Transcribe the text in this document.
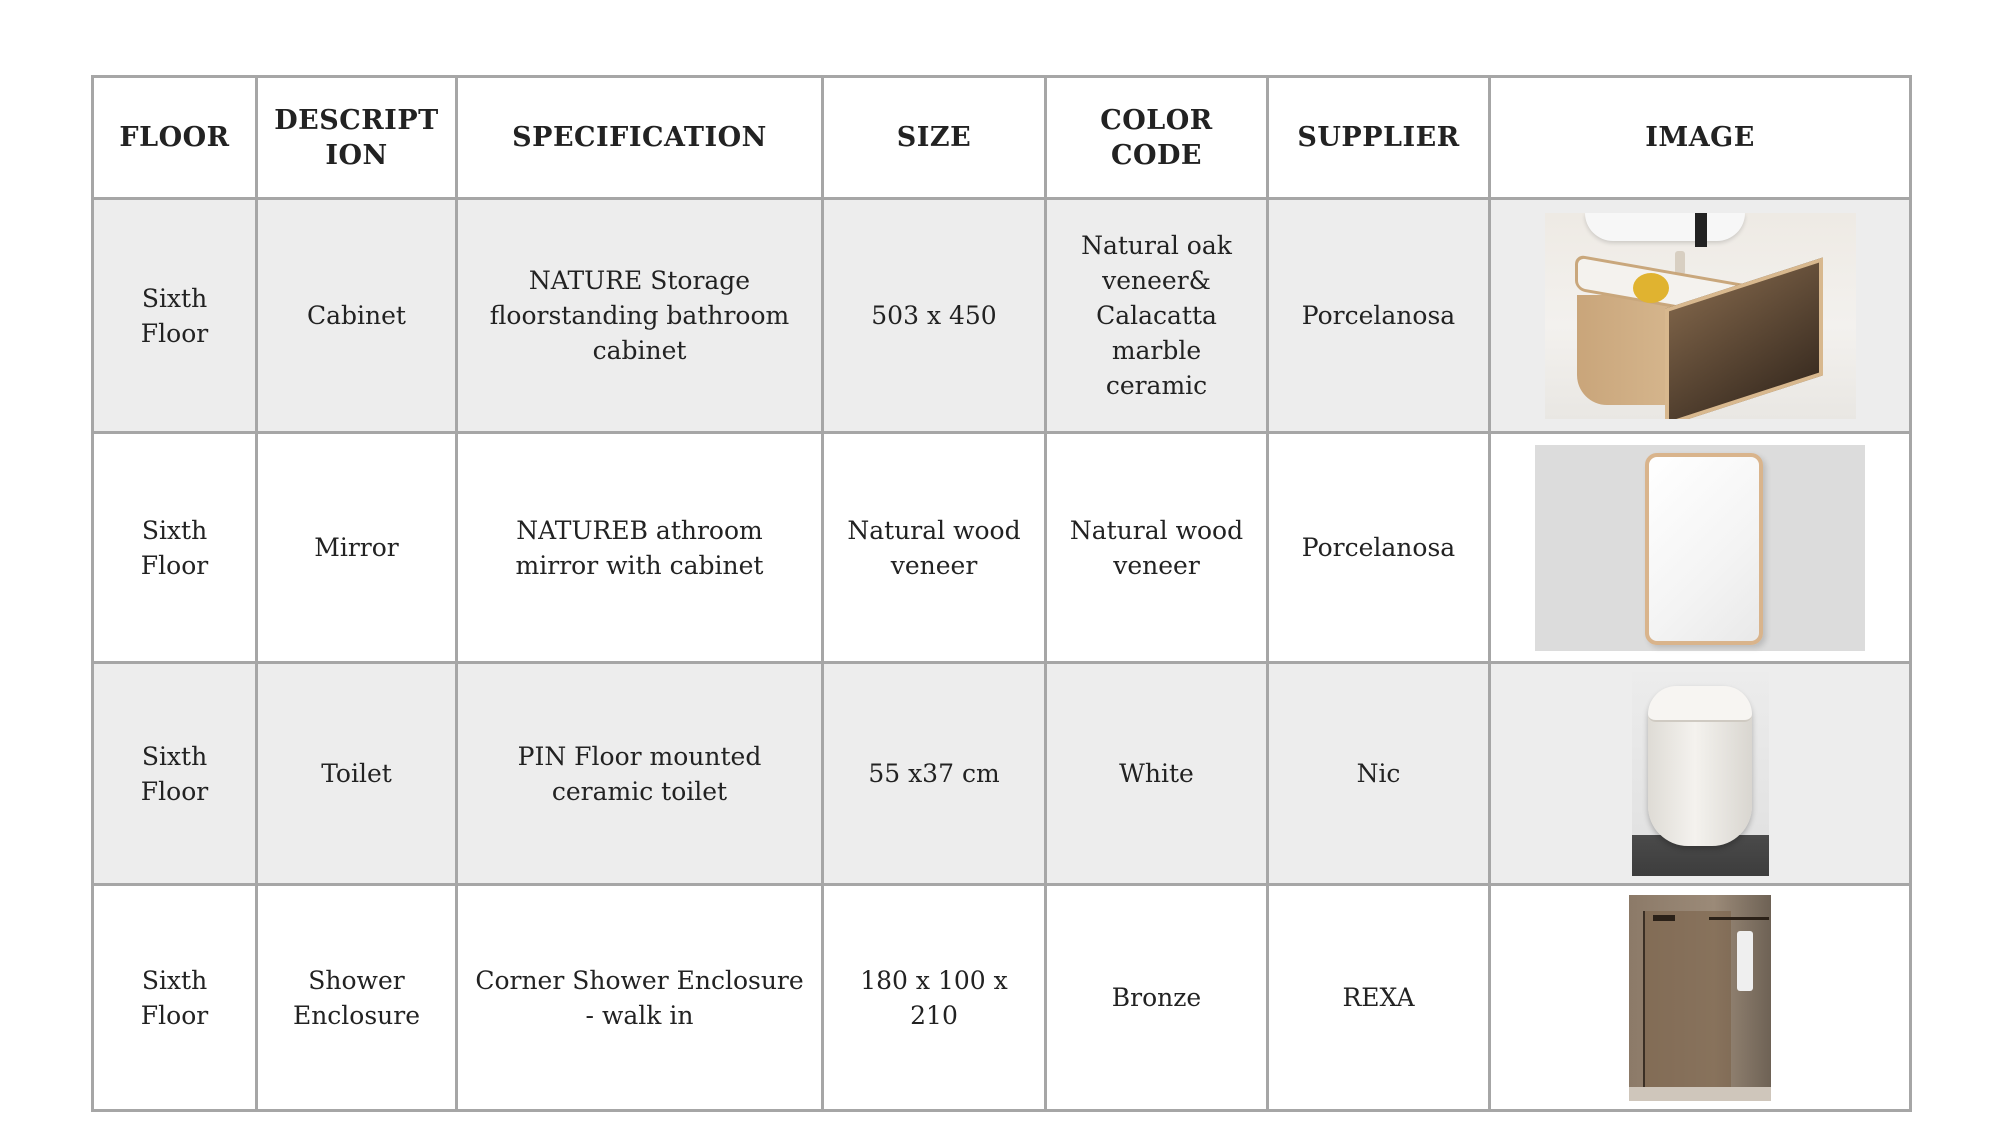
FLOOR	DESCRIPTION	SPECIFICATION	SIZE	COLOR CODE	SUPPLIER	IMAGE
Sixth Floor	Cabinet	NATURE Storage floorstanding bathroom cabinet	503 x 450	Natural oak veneer& Calacatta marble ceramic	Porcelanosa	

Sixth Floor	Mirror	NATUREB athroom mirror with cabinet	Natural wood veneer	Natural wood veneer	Porcelanosa	

Sixth Floor	Toilet	PIN Floor mounted ceramic toilet	55 x37 cm	White	Nic	

Sixth Floor	Shower Enclosure	Corner Shower Enclosure - walk in	180 x 100 x 210	Bronze	REXA	
